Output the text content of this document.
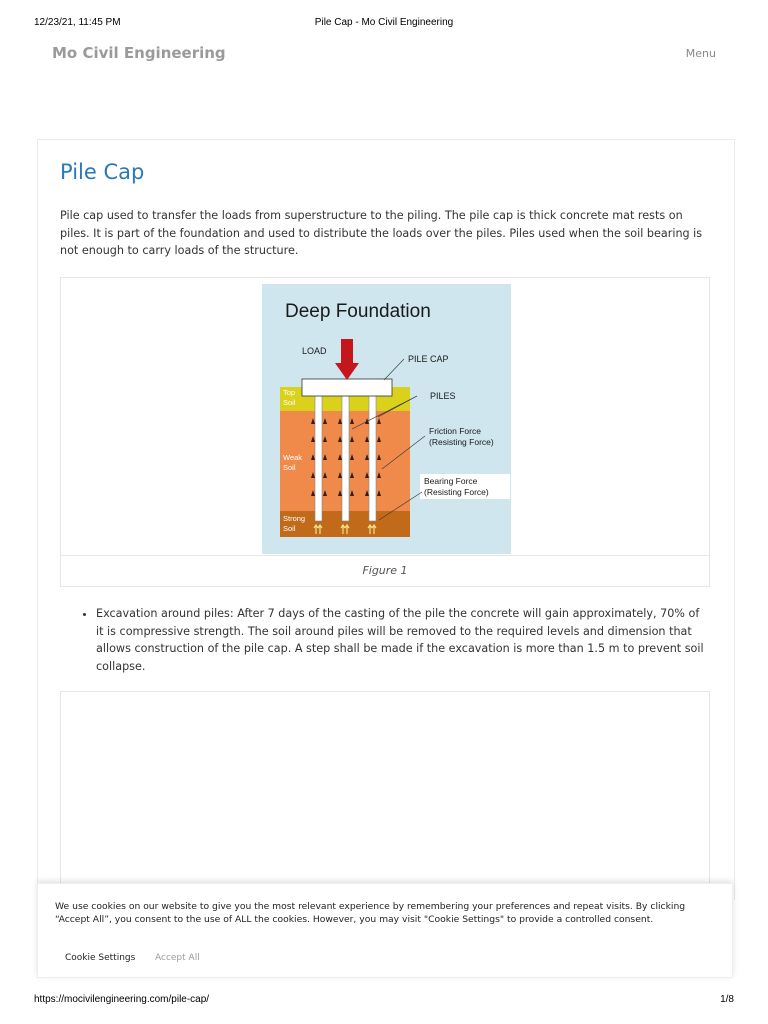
12/23/21, 11:45 PM	Pile Cap - Mo Civil Engineering
Mo Civil Engineering	Menu
Pile Cap

Pile cap used to transfer the loads from superstructure to the piling. The pile cap is thick concrete mat rests on piles. It is part of the foundation and used to distribute the loads over the piles. Piles used when the soil bearing is not enough to carry loads of the structure.

Deep Foundation
LOAD
PILE CAP
PILES
Friction Force
(Resisting Force)
Bearing Force
(Resisting Force)
Top
Soil
Weak
Soil
Strong
Soil
Figure 1
• Excavation around piles: After 7 days of the casting of the pile the concrete will gain approximately, 70% of it is compressive strength. The soil around piles will be removed to the required levels and dimension that allows construction of the pile cap. A step shall be made if the excavation is more than 1.5 m to prevent soil collapse.

We use cookies on our website to give you the most relevant experience by remembering your preferences and repeat visits. By clicking “Accept All”, you consent to the use of ALL the cookies. However, you may visit "Cookie Settings" to provide a controlled consent.

Cookie Settings Accept All
https://mocivilengineering.com/pile-cap/	1/8
